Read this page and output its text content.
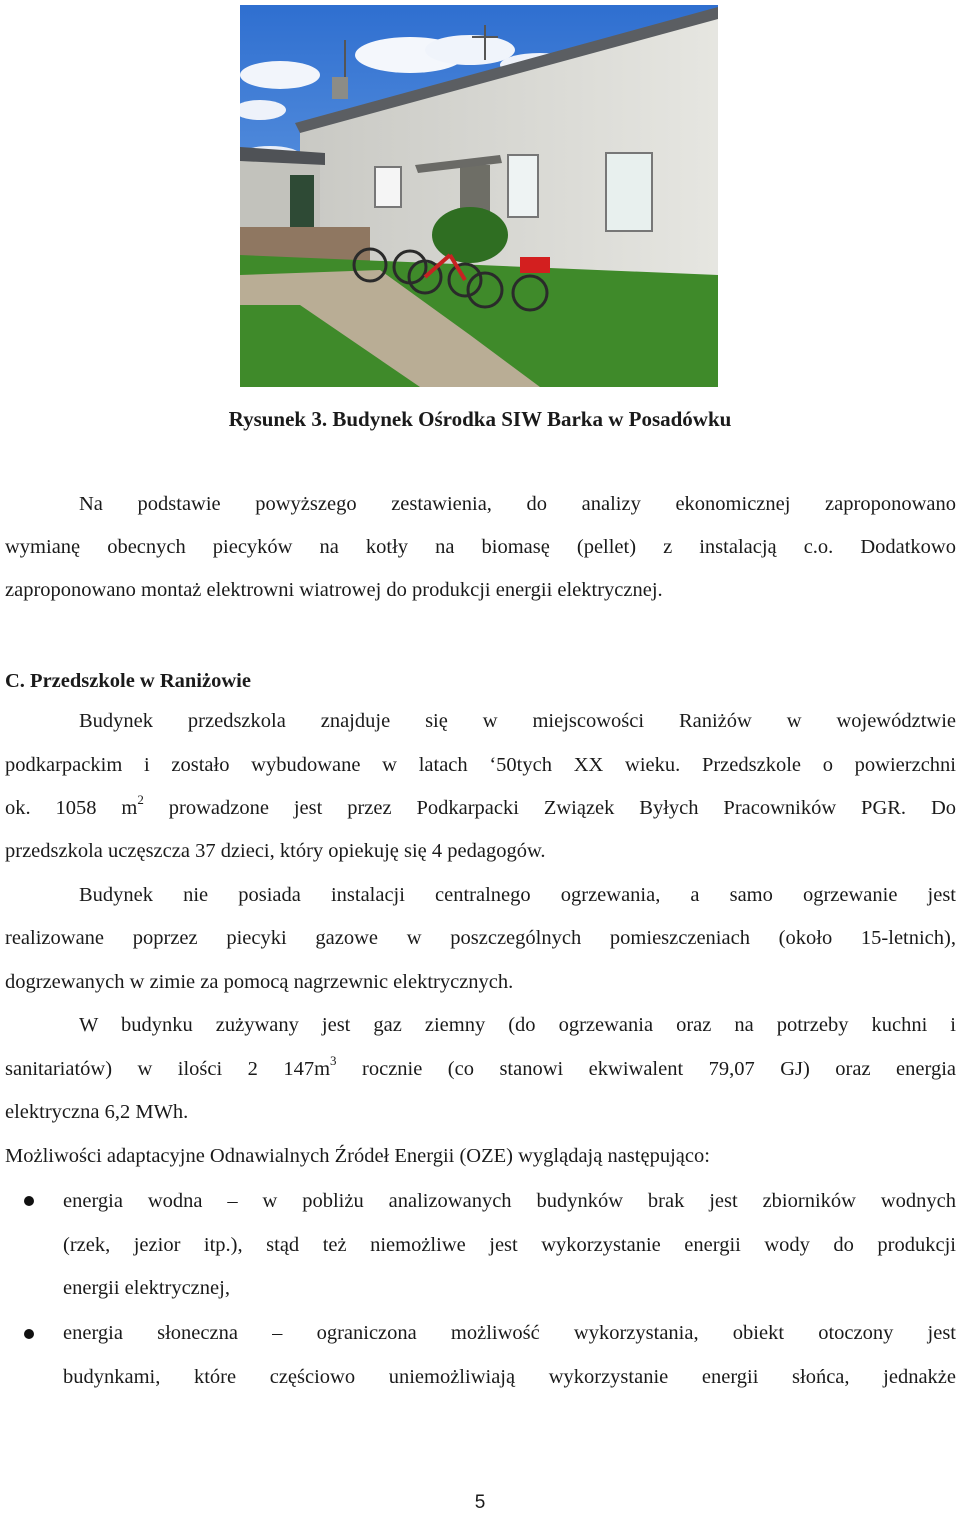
Rysunek 3. Budynek Ośrodka SIW Barka w Posadówku

Na podstawie powyższego zestawienia, do analizy ekonomicznej zaproponowano

wymianę obecnych piecyków na kotły na biomasę (pellet) z instalacją c.o. Dodatkowo

zaproponowano montaż elektrowni wiatrowej do produkcji energii elektrycznej.

C. Przedszkole w Raniżowie

Budynek przedszkola znajduje się w miejscowości Raniżów w województwie

podkarpackim i zostało wybudowane w latach ‘50tych XX wieku. Przedszkole o powierzchni

ok. 1058 $m^2$ prowadzone jest przez Podkarpacki Związek Byłych Pracowników PGR. Do

przedszkola uczęszcza 37 dzieci, który opiekuję się 4 pedagogów.

Budynek nie posiada instalacji centralnego ogrzewania, a samo ogrzewanie jest

realizowane poprzez piecyki gazowe w poszczególnych pomieszczeniach (około 15-letnich),

dogrzewanych w zimie za pomocą nagrzewnic elektrycznych.

W budynku zużywany jest gaz ziemny (do ogrzewania oraz na potrzeby kuchni i

sanitariatów) w ilości 2 $147m^3$ rocznie (co stanowi ekwiwalent 79,07 GJ) oraz energia

elektryczna 6,2 MWh.

Możliwości adaptacyjne Odnawialnych Źródeł Energii (OZE) wyglądają następująco:

energia wodna – w pobliżu analizowanych budynków brak jest zbiorników wodnych

(rzek, jezior itp.), stąd też niemożliwe jest wykorzystanie energii wody do produkcji

energii elektrycznej,

energia słoneczna – ograniczona możliwość wykorzystania, obiekt otoczony jest

budynkami, które częściowo uniemożliwiają wykorzystanie energii słońca, jednakże

5
